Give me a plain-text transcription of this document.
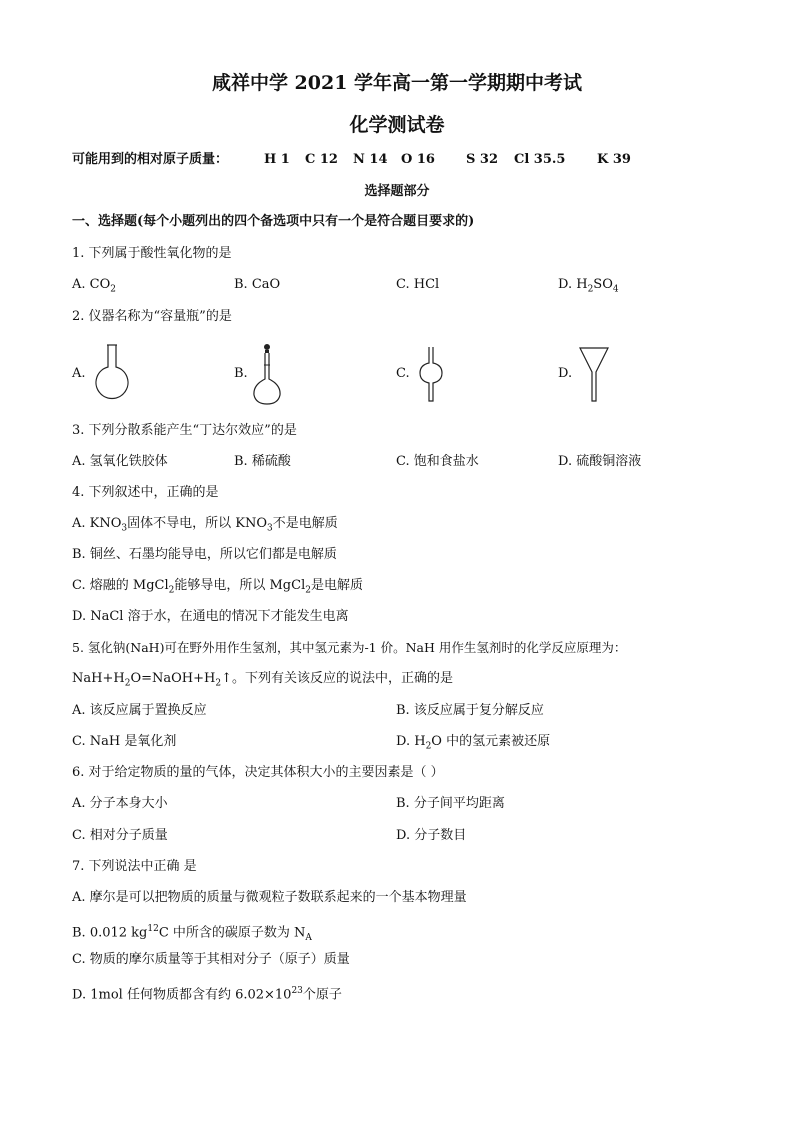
咸祥中学 2021 学年高一第一学期期中考试
化学测试卷
可能用到的相对原子质量：	H 1 C 12 N 14 O 16 S 32 Cl 35.5 K 39
选择题部分
一、选择题(每个小题列出的四个备选项中只有一个是符合题目要求的)
1. 下列属于酸性氧化物的是
A. $CO_2$	B. CaO	C. HCl	D. $H_2SO_4$
2. 仪器名称为“容量瓶”的是
A.	B.	C.	D.
3. 下列分散系能产生“丁达尔效应”的是
A. 氢氧化铁胶体	B. 稀硫酸	C. 饱和食盐水	D. 硫酸铜溶液
4. 下列叙述中，正确的是
A. $KNO_3$固体不导电，所以 $KNO_3$不是电解质
B. 铜丝、石墨均能导电，所以它们都是电解质
C. 熔融的 MgCl$_2$能够导电，所以 MgCl$_2$是电解质
D. NaCl 溶于水，在通电的情况下才能发生电离
5. 氢化钠(NaH)可在野外用作生氢剂，其中氢元素为-1 价。NaH 用作生氢剂时的化学反应原理为：
$NaH+H_2O=NaOH+H_2↑$。下列有关该反应的说法中，正确的是
A. 该反应属于置换反应	B. 该反应属于复分解反应
C. NaH 是氧化剂	D. $H_2O$ 中的氢元素被还原
6. 对于给定物质的量的气体，决定其体积大小的主要因素是（ ）
A. 分子本身大小	B. 分子间平均距离
C. 相对分子质量	D. 分子数目
7. 下列说法中正确 是
A. 摩尔是可以把物质的质量与微观粒子数联系起来的一个基本物理量
B. 0.012 $kg^{12}C$ 中所含的碳原子数为 $N_A$
C. 物质的摩尔质量等于其相对分子（原子）质量
D. 1mol 任何物质都含有约 $6.02\times 10^{23}$个原子
